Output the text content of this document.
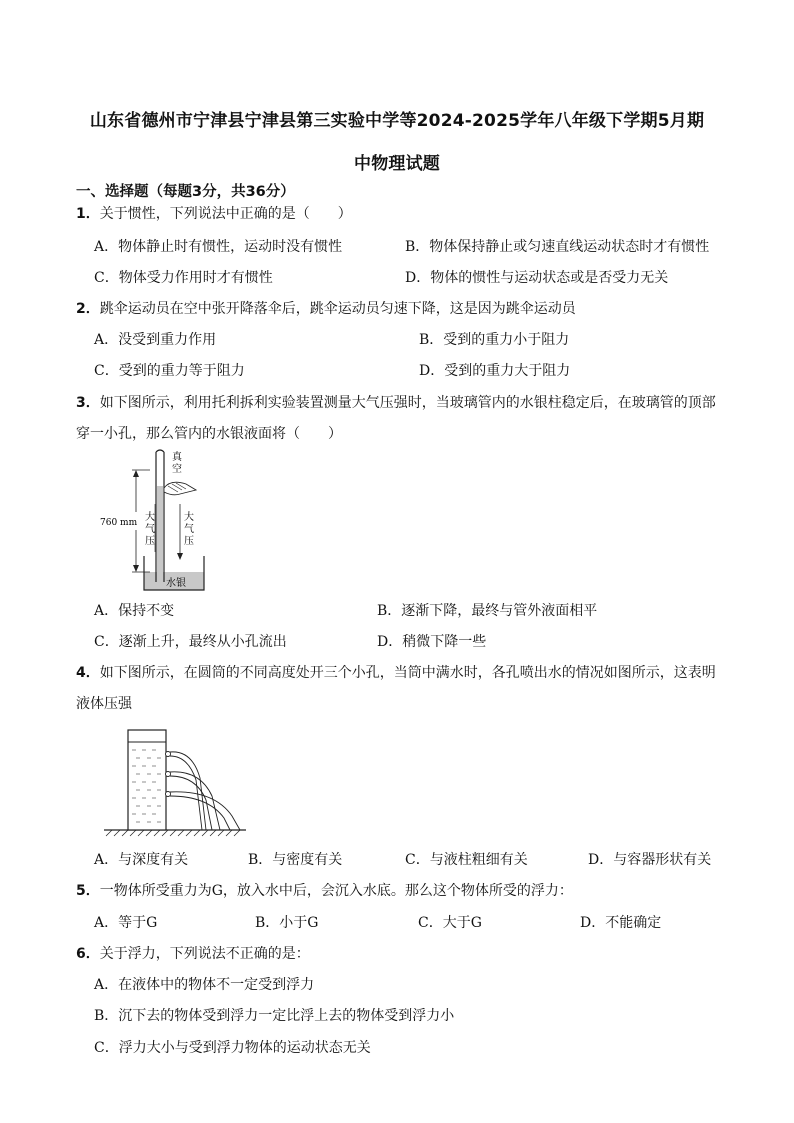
山东省德州市宁津县宁津县第三实验中学等2024-2025学年八年级下学期5月期
中物理试题
一、选择题（每题3分，共36分）
1．关于惯性，下列说法中正确的是（　　）
A．物体静止时有惯性，运动时没有惯性	B．物体保持静止或匀速直线运动状态时才有惯性
C．物体受力作用时才有惯性	D．物体的惯性与运动状态或是否受力无关
2．跳伞运动员在空中张开降落伞后，跳伞运动员匀速下降，这是因为跳伞运动员
A．没受到重力作用	B．受到的重力小于阻力
C．受到的重力等于阻力	D．受到的重力大于阻力
3．如下图所示，利用托利拆利实验装置测量大气压强时，当玻璃管内的水银柱稳定后，在玻璃管的顶部
穿一小孔，那么管内的水银液面将（　　）
真
空
760 mm 大
气
压
大
气
压
水银
A．保持不变	B．逐渐下降，最终与管外液面相平
C．逐渐上升，最终从小孔流出	D．稍微下降一些
4．如下图所示，在圆筒的不同高度处开三个小孔，当筒中满水时，各孔喷出水的情况如图所示，这表明
液体压强
A．与深度有关	B．与密度有关	C．与液柱粗细有关	D．与容器形状有关
5．一物体所受重力为G，放入水中后，会沉入水底。那么这个物体所受的浮力：
A．等于G	B．小于G	C．大于G	D．不能确定
6．关于浮力，下列说法不正确的是：
A．在液体中的物体不一定受到浮力
B．沉下去的物体受到浮力一定比浮上去的物体受到浮力小
C．浮力大小与受到浮力物体的运动状态无关
